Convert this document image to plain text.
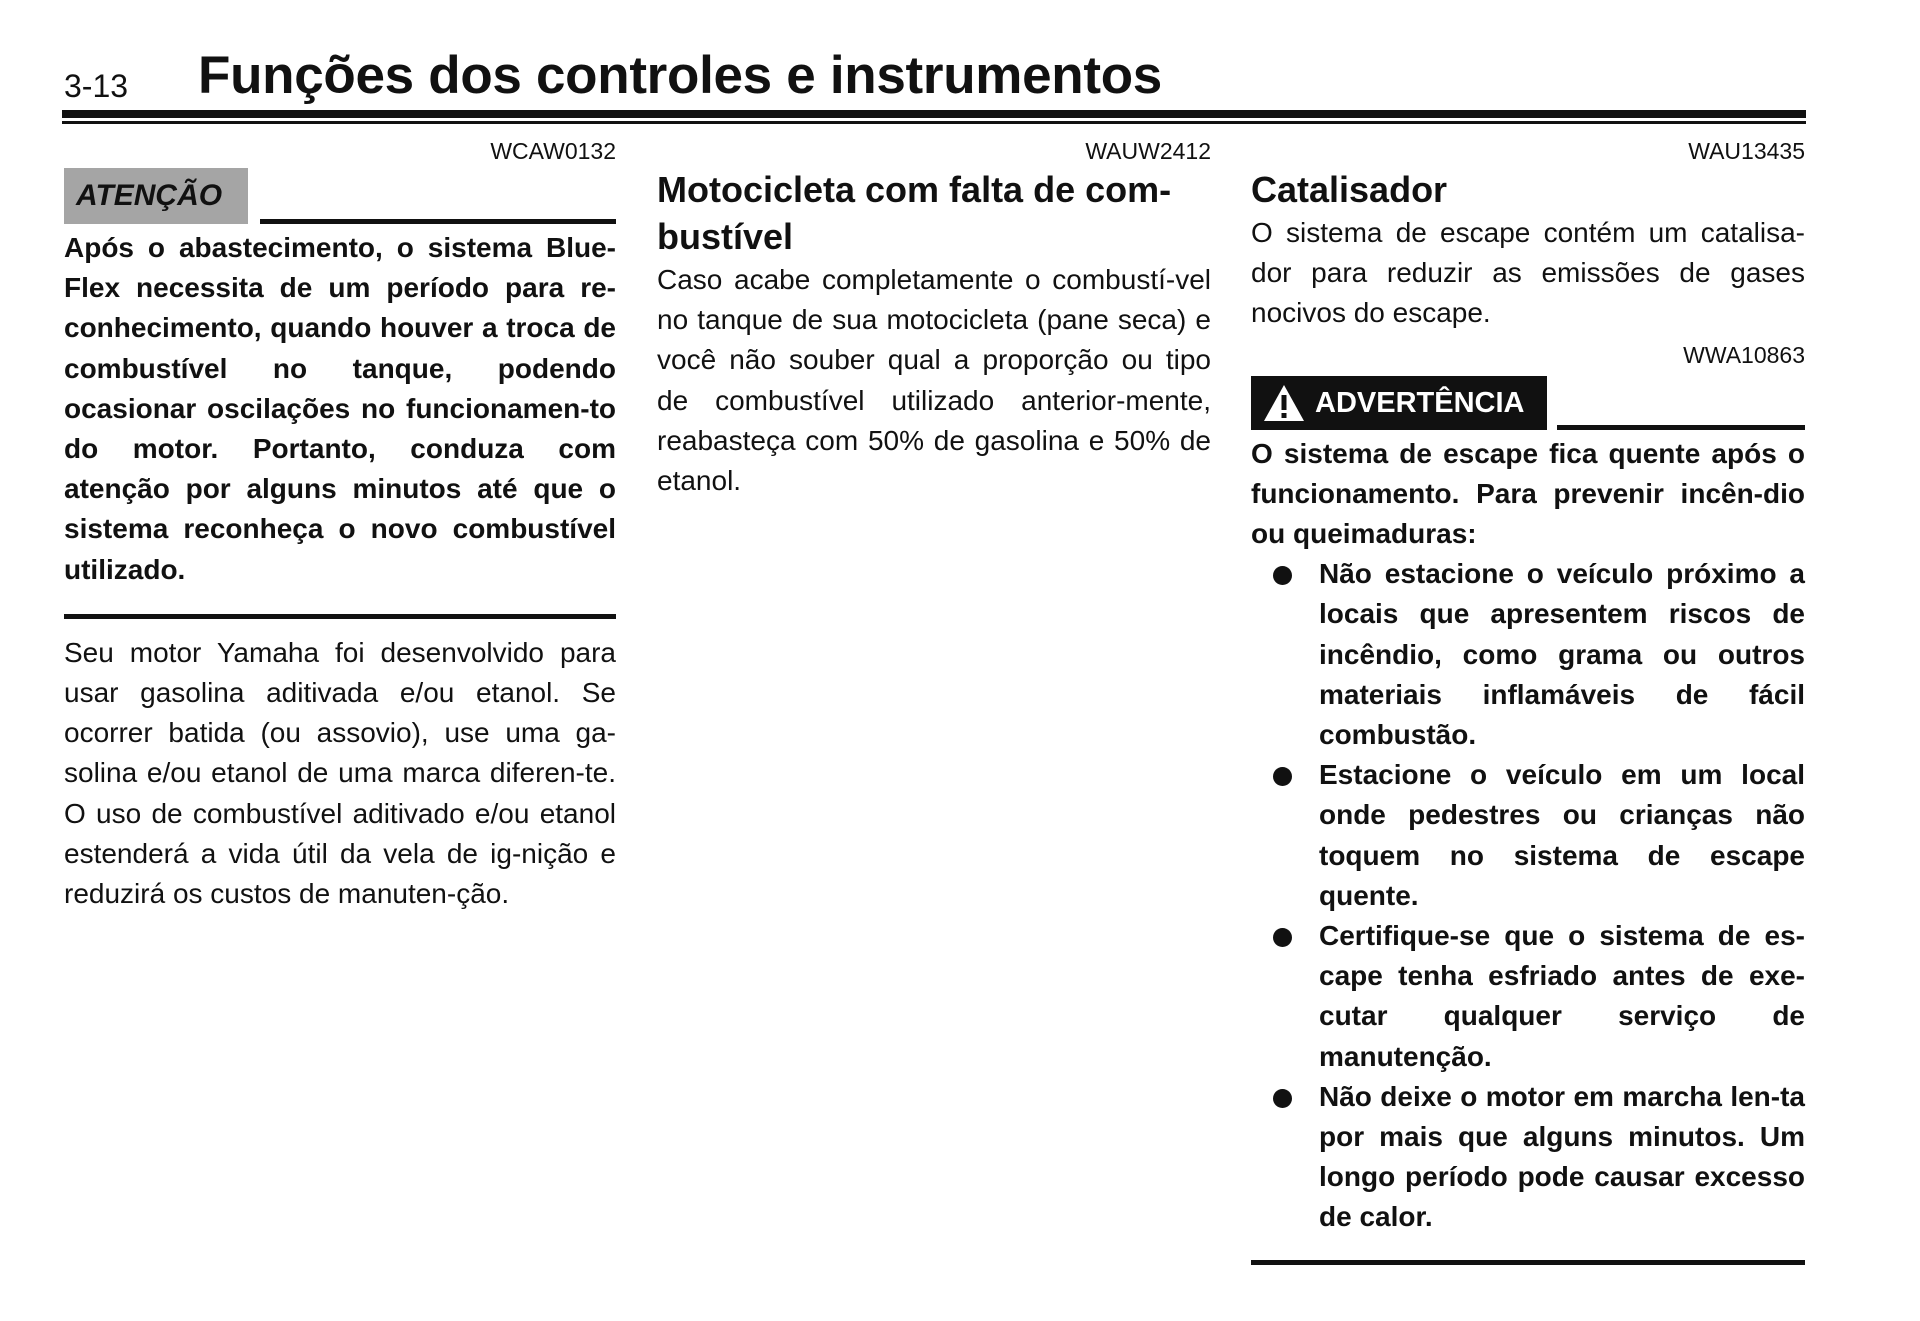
3-13 Funções dos controles e instrumentos
WCAW0132
ATENÇÃO

Após o abastecimento, o sistema Blue-Flex necessita de um período para re-conhecimento, quando houver a troca de combustível no tanque, podendo ocasionar oscilações no funcionamen-to do motor. Portanto, conduza com atenção por alguns minutos até que o sistema reconheça o novo combustível utilizado.

Seu motor Yamaha foi desenvolvido para usar gasolina aditivada e/ou etanol. Se ocorrer batida (ou assovio), use uma ga-solina e/ou etanol de uma marca diferen-te. O uso de combustível aditivado e/ou etanol estenderá a vida útil da vela de ig-nição e reduzirá os custos de manuten-ção.

WAUW2412
Motocicleta com falta de com-bustível

Caso acabe completamente o combustí-vel no tanque de sua motocicleta (pane seca) e você não souber qual a proporção ou tipo de combustível utilizado anterior-mente, reabasteça com 50% de gasolina e 50% de etanol.

WAU13435
Catalisador

O sistema de escape contém um catalisa-dor para reduzir as emissões de gases nocivos do escape.

WWA10863
ADVERTÊNCIA

O sistema de escape fica quente após o funcionamento. Para prevenir incên-dio ou queimaduras:

Não estacione o veículo próximo a locais que apresentem riscos de incêndio, como grama ou outros materiais inflamáveis de fácil combustão.

Estacione o veículo em um local onde pedestres ou crianças não toquem no sistema de escape quente.

Certifique-se que o sistema de es-cape tenha esfriado antes de exe-cutar qualquer serviço de manutenção.

Não deixe o motor em marcha len-ta por mais que alguns minutos. Um longo período pode causar excesso de calor.
